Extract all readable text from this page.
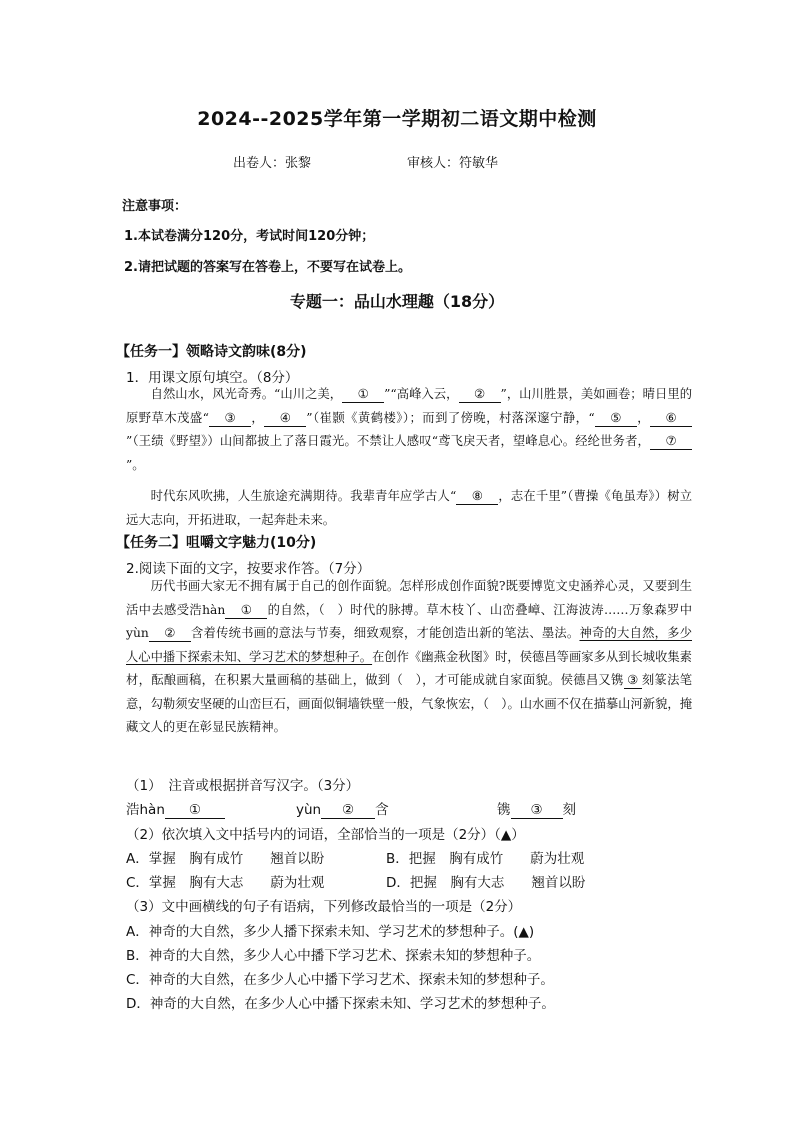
2024--2025学年第一学期初二语文期中检测
出卷人：张黎	审核人：符敏华
注意事项：
1.本试卷满分120分，考试时间120分钟；
2.请把试题的答案写在答卷上，不要写在试卷上。
专题一：品山水理趣（18分）
【任务一】领略诗文韵味(8分)
1．用课文原句填空。（8分）
自然山水，风光奇秀。“山川之美， ① ”“高峰入云， ② ”，山川胜景，美如画卷；晴日里的原野草木茂盛“ ③ ， ④ ”（崔颢《黄鹤楼》）；而到了傍晚，村落深邃宁静，“ ⑤ ， ⑥”（王绩《野望》）山间都披上了落日霞光。不禁让人感叹“鸢飞戾天者，望峰息心。经纶世务者， ⑦”。
时代东风吹拂，人生旅途充满期待。我辈青年应学古人“ ⑧ ，志在千里”（曹操《龟虽寿》）树立远大志向，开拓进取，一起奔赴未来。
【任务二】咀嚼文字魅力(10分)
2.阅读下面的文字，按要求作答。（7分）
历代书画大家无不拥有属于自己的创作面貌。怎样形成创作面貌?既要博览文史涵养心灵，又要到生活中去感受浩hàn ① 的自然，（　）时代的脉搏。草木枝丫、山峦叠嶂、江海波涛……万象森罗中yùn ② 含着传统书画的意法与节奏，细致观察，才能创造出新的笔法、墨法。神奇的大自然，多少人心中播下探索未知、学习艺术的梦想种子。在创作《幽燕金秋图》时，侯德昌等画家多从到长城收集素材，酝酿画稿，在积累大量画稿的基础上，做到（　），才可能成就自家面貌。侯德昌又镌 ③ 刻篆法笔意，勾勒须安坚硬的山峦巨石，画面似铜墙铁壁一般，气象恢宏，（　）。山水画不仅在描摹山河新貌，掩藏文人的更在彰显民族精神。
（1）　注音或根据拼音写汉字。（3分）
浩hàn ①	yùn ② 含	镌 ③ 刻
（2）依次填入文中括号内的词语，全部恰当的一项是（2分）（▲）
A．掌握　胸有成竹　　翘首以盼	B．把握　胸有成竹　　蔚为壮观
C．掌握　胸有大志　　蔚为壮观	D．把握　胸有大志　　翘首以盼
（3）文中画横线的句子有语病，下列修改最恰当的一项是（2分）
A．神奇的大自然，多少人播下探索未知、学习艺术的梦想种子。(▲)
B．神奇的大自然，多少人心中播下学习艺术、探索未知的梦想种子。
C．神奇的大自然，在多少人心中播下学习艺术、探索未知的梦想种子。
D．神奇的大自然，在多少人心中播下探索未知、学习艺术的梦想种子。
